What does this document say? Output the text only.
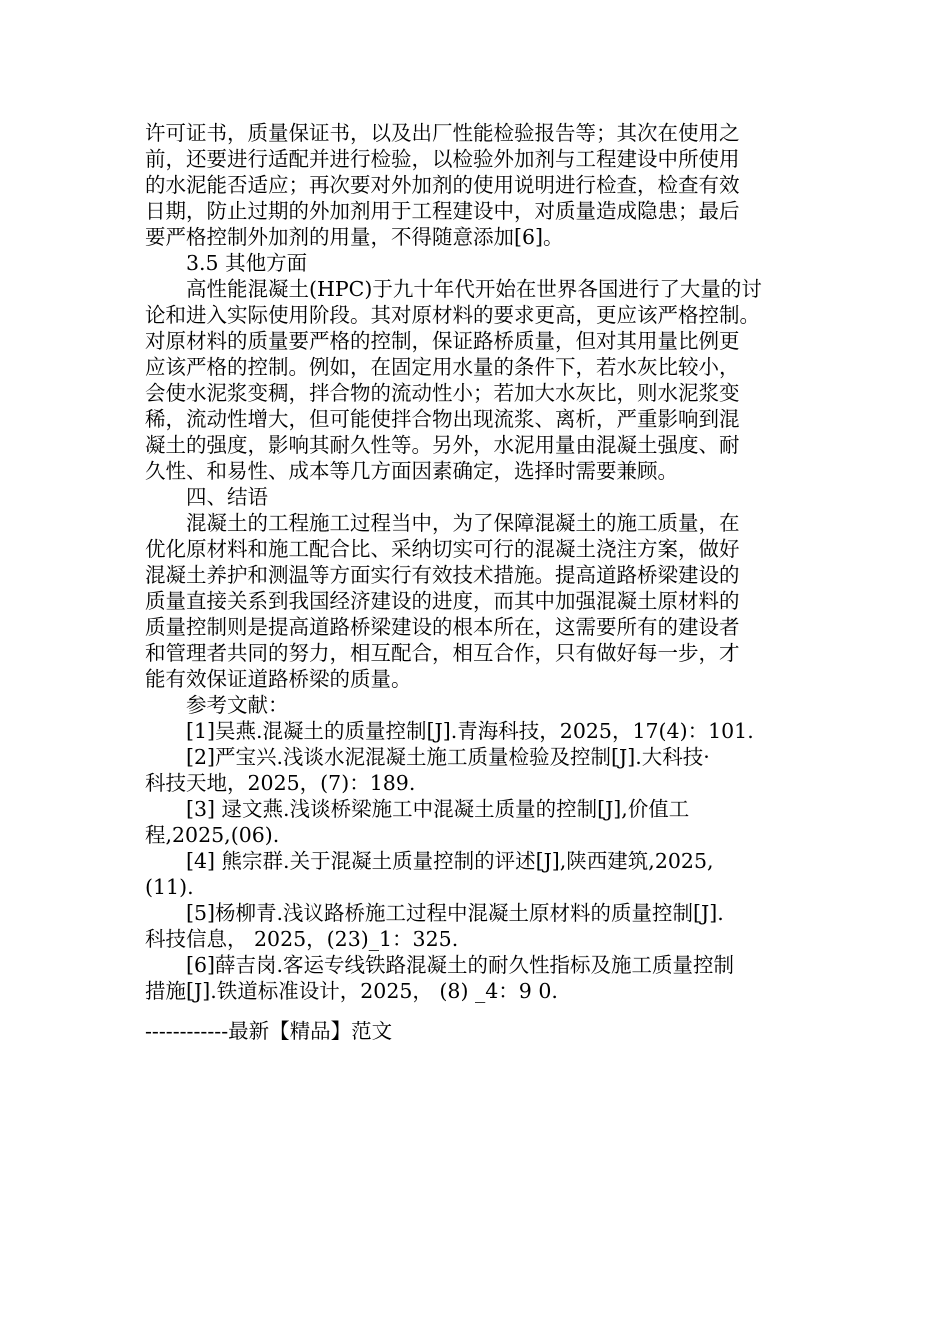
许可证书，质量保证书，以及出厂性能检验报告等；其次在使用之
前，还要进行适配并进行检验，以检验外加剂与工程建设中所使用
的水泥能否适应；再次要对外加剂的使用说明进行检查，检查有效
日期，防止过期的外加剂用于工程建设中，对质量造成隐患；最后
要严格控制外加剂的用量，不得随意添加[6]。
　　3.5 其他方面
　　高性能混凝土(HPC)于九十年代开始在世界各国进行了大量的讨
论和进入实际使用阶段。其对原材料的要求更高，更应该严格控制。
对原材料的质量要严格的控制，保证路桥质量，但对其用量比例更
应该严格的控制。例如，在固定用水量的条件下，若水灰比较小，
会使水泥浆变稠，拌合物的流动性小；若加大水灰比，则水泥浆变
稀，流动性增大，但可能使拌合物出现流浆、离析，严重影响到混
凝土的强度，影响其耐久性等。另外，水泥用量由混凝土强度、耐
久性、和易性、成本等几方面因素确定，选择时需要兼顾。
　　四、结语
　　混凝土的工程施工过程当中，为了保障混凝土的施工质量，在
优化原材料和施工配合比、采纳切实可行的混凝土浇注方案，做好
混凝土养护和测温等方面实行有效技术措施。提高道路桥梁建设的
质量直接关系到我国经济建设的进度，而其中加强混凝土原材料的
质量控制则是提高道路桥梁建设的根本所在，这需要所有的建设者
和管理者共同的努力，相互配合，相互合作，只有做好每一步，才
能有效保证道路桥梁的质量。
　　参考文献：
　　[1]吴燕.混凝土的质量控制[J].青海科技，2025，17(4)：101.
　　[2]严宝兴.浅谈水泥混凝土施工质量检验及控制[J].大科技·
科技天地，2025，(7)：189.
　　[3] 逯文燕.浅谈桥梁施工中混凝土质量的控制[J],价值工
程,2025,(06).
　　[4] 熊宗群.关于混凝土质量控制的评述[J],陕西建筑,2025,
(11).
　　[5]杨柳青.浅议路桥施工过程中混凝土原材料的质量控制[J].
科技信息， 2025，(23)_1：325.
　　[6]薛吉岗.客运专线铁路混凝土的耐久性指标及施工质量控制
措施[J].铁道标准设计，2025， (8) _4：9 0.
------------最新【精品】范文
